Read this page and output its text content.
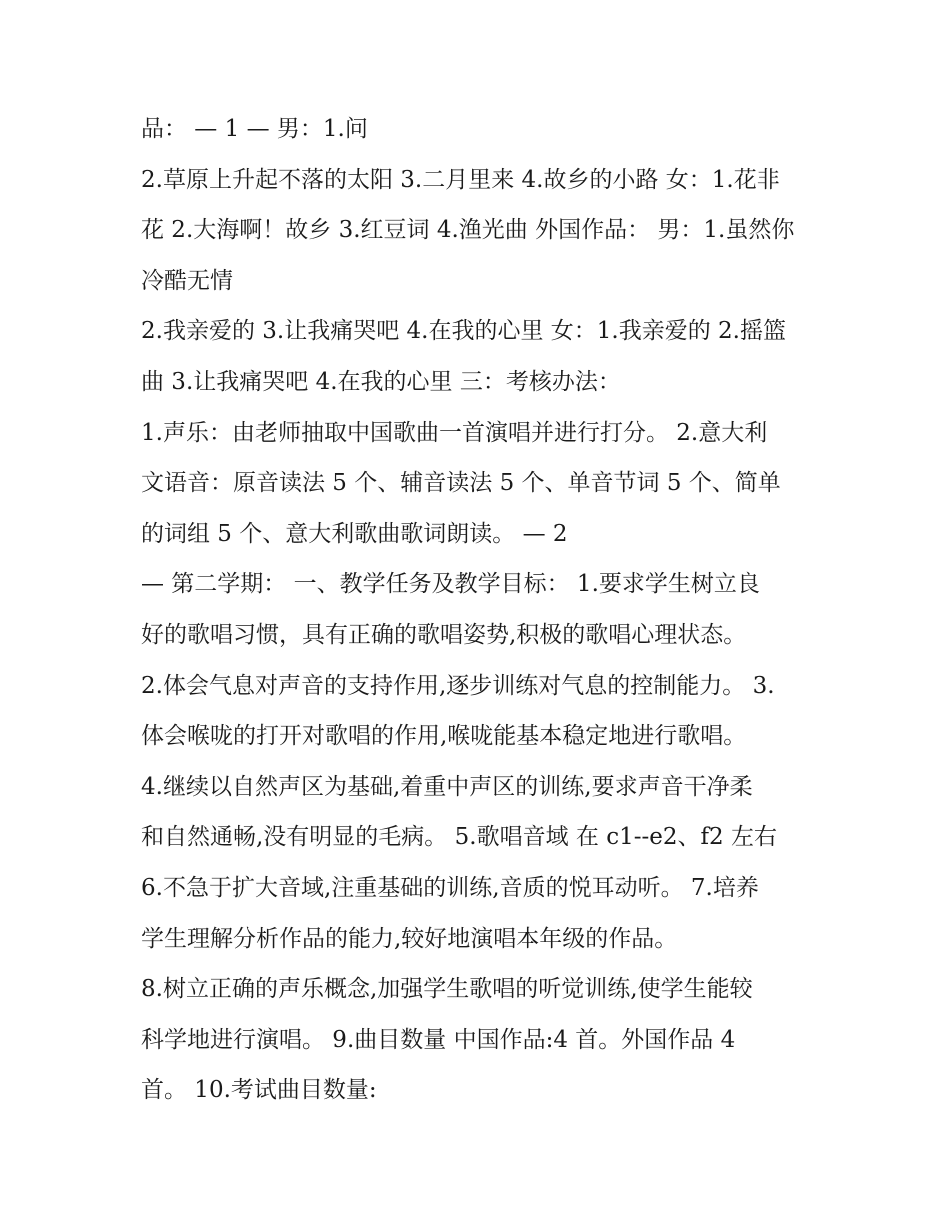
品： — 1 — 男：1.问
2.草原上升起不落的太阳 3.二月里来 4.故乡的小路 女：1.花非
花 2.大海啊！故乡 3.红豆词 4.渔光曲 外国作品： 男：1.虽然你
冷酷无情
2.我亲爱的 3.让我痛哭吧 4.在我的心里 女：1.我亲爱的 2.摇篮
曲 3.让我痛哭吧 4.在我的心里 三：考核办法：
1.声乐：由老师抽取中国歌曲一首演唱并进行打分。 2.意大利
文语音：原音读法 5 个、辅音读法 5 个、单音节词 5 个、简单
的词组 5 个、意大利歌曲歌词朗读。 — 2
— 第二学期： 一、教学任务及教学目标： 1.要求学生树立良
好的歌唱习惯，具有正确的歌唱姿势,积极的歌唱心理状态。
2.体会气息对声音的支持作用,逐步训练对气息的控制能力。 3.
体会喉咙的打开对歌唱的作用,喉咙能基本稳定地进行歌唱。
4.继续以自然声区为基础,着重中声区的训练,要求声音干净柔
和自然通畅,没有明显的毛病。 5.歌唱音域 在 c1--e2、f2 左右
6.不急于扩大音域,注重基础的训练,音质的悦耳动听。 7.培养
学生理解分析作品的能力,较好地演唱本年级的作品。
8.树立正确的声乐概念,加强学生歌唱的听觉训练,使学生能较
科学地进行演唱。 9.曲目数量 中国作品:4 首。外国作品 4
首。 10.考试曲目数量:
